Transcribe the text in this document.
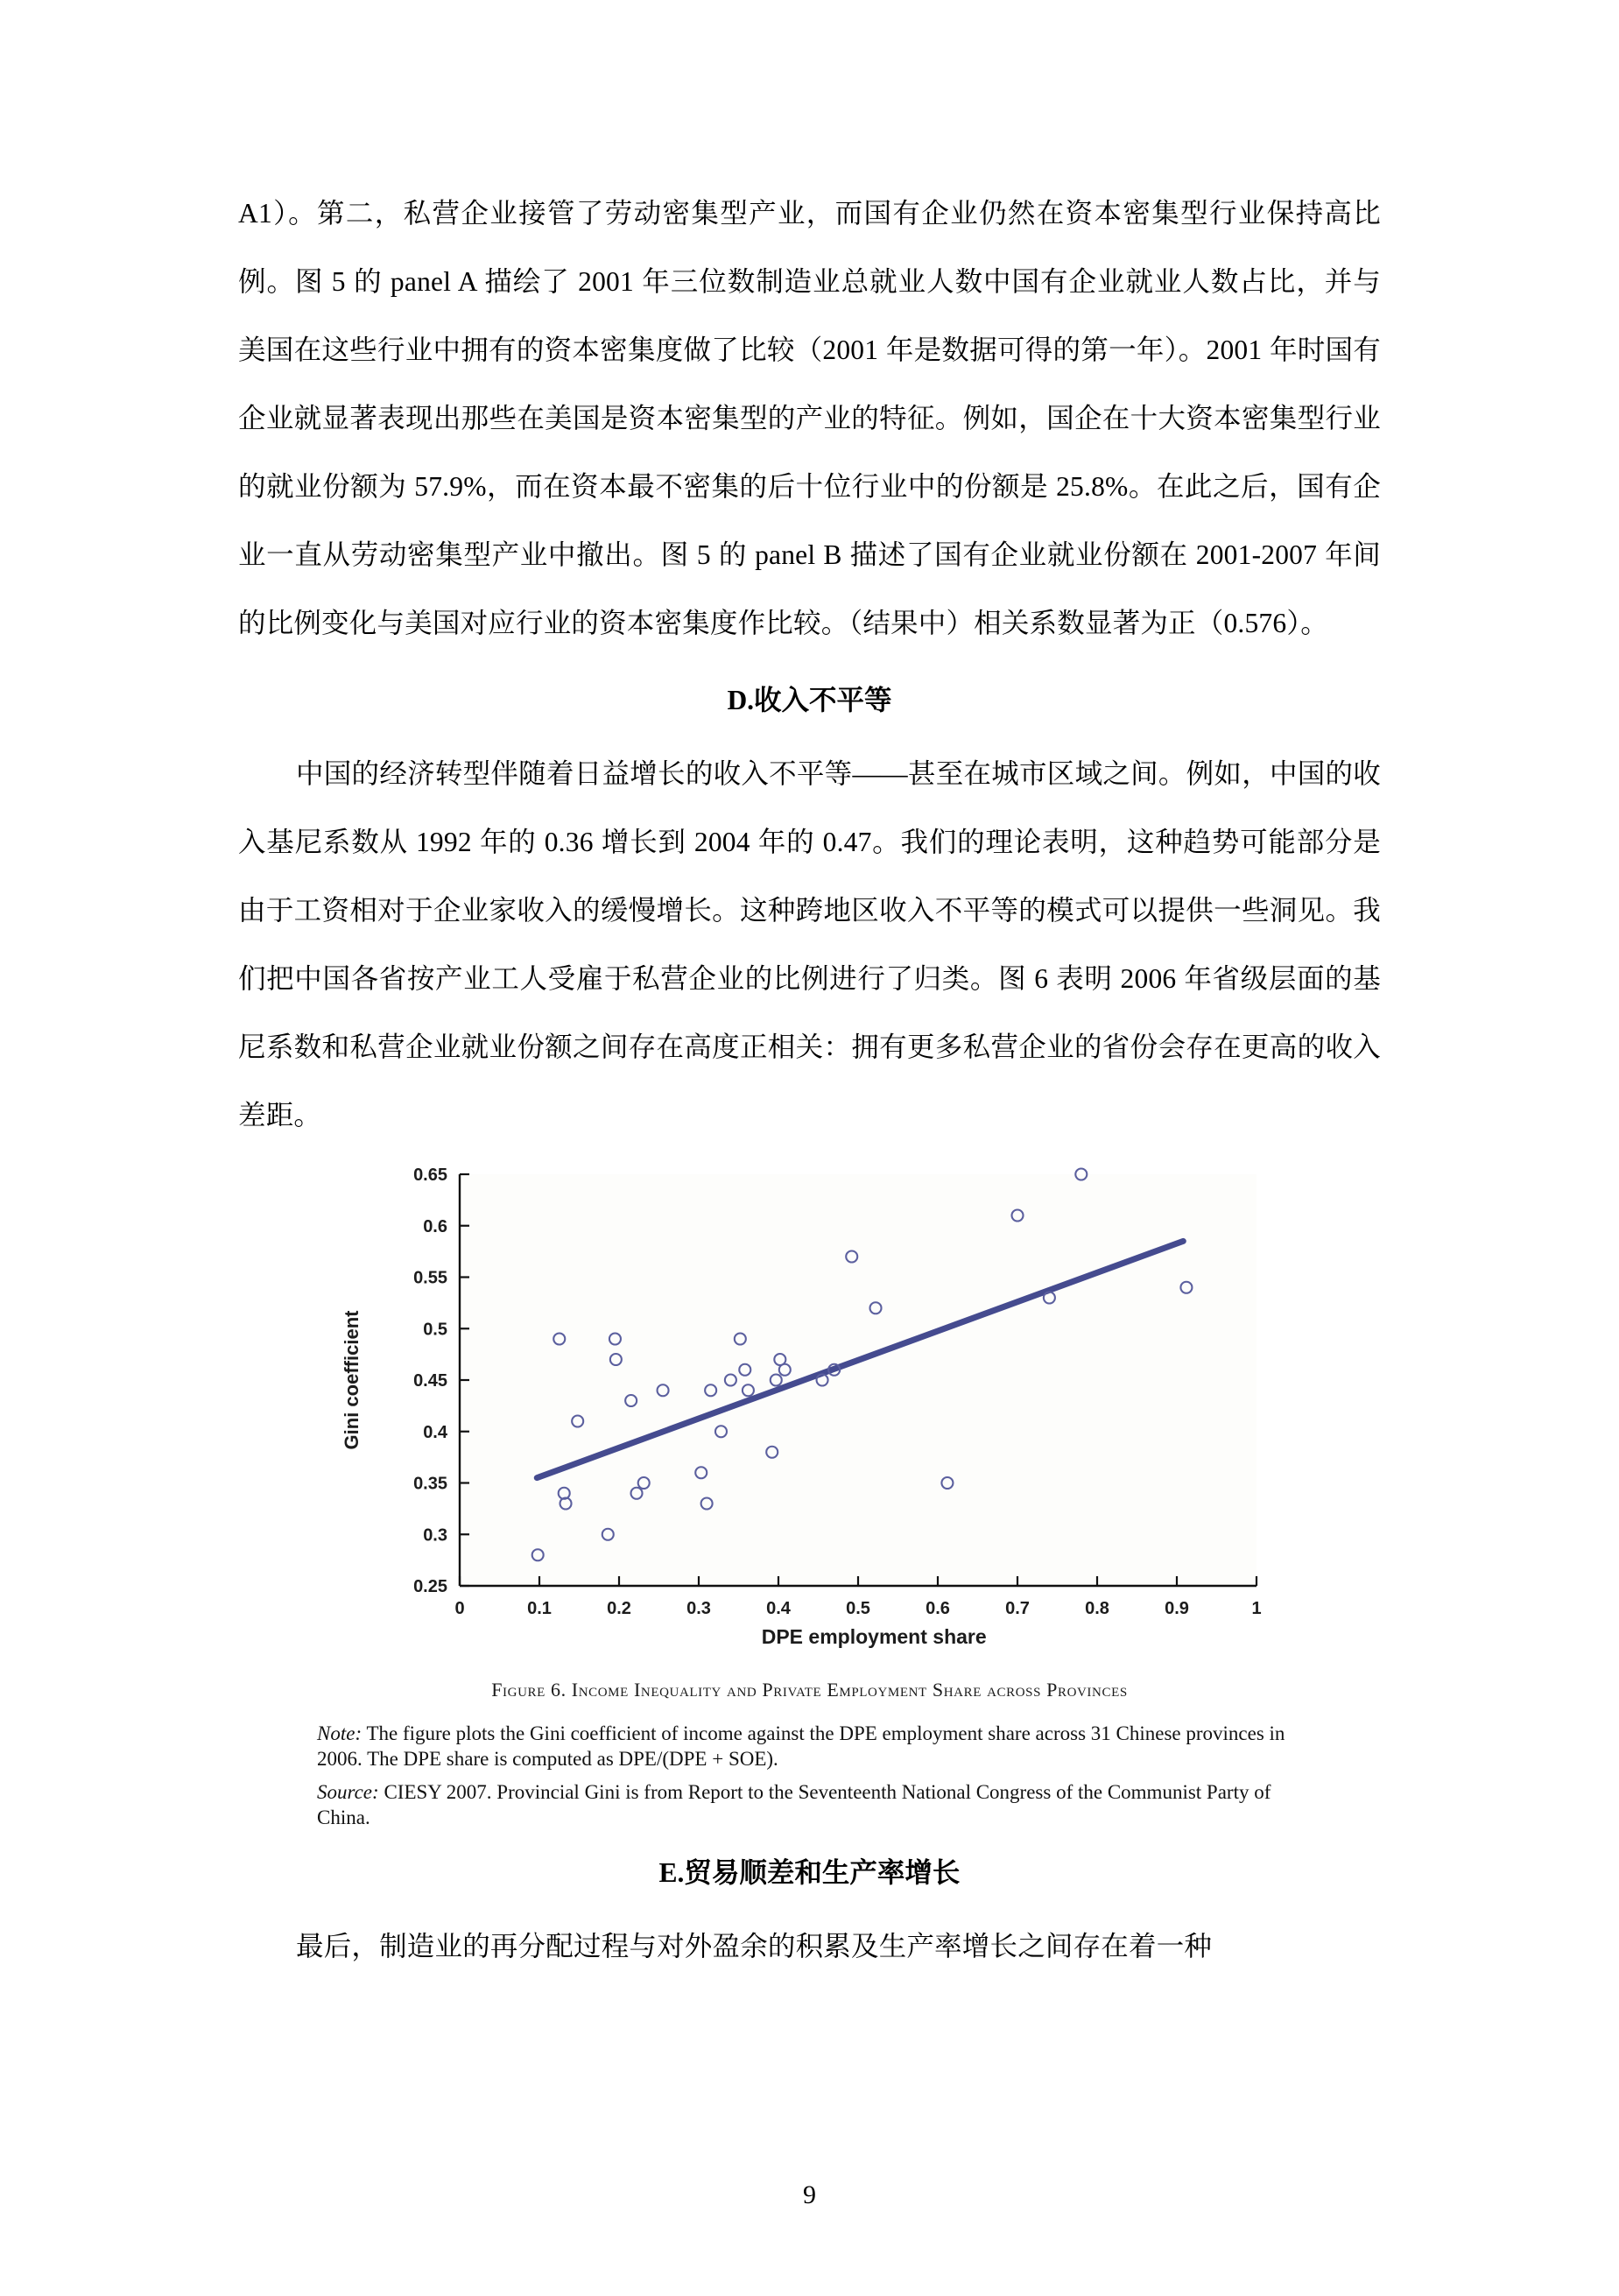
A1）。第二，私营企业接管了劳动密集型产业，而国有企业仍然在资本密集型行业保持高比例。图 5 的 panel A 描绘了 2001 年三位数制造业总就业人数中国有企业就业人数占比，并与美国在这些行业中拥有的资本密集度做了比较（2001 年是数据可得的第一年）。2001 年时国有企业就显著表现出那些在美国是资本密集型的产业的特征。例如，国企在十大资本密集型行业的就业份额为 57.9%，而在资本最不密集的后十位行业中的份额是 25.8%。在此之后，国有企业一直从劳动密集型产业中撤出。图 5 的 panel B 描述了国有企业就业份额在 2001-2007 年间的比例变化与美国对应行业的资本密集度作比较。（结果中）相关系数显著为正（0.576）。

D.收入不平等

中国的经济转型伴随着日益增长的收入不平等——甚至在城市区域之间。例如，中国的收入基尼系数从 1992 年的 0.36 增长到 2004 年的 0.47。我们的理论表明，这种趋势可能部分是由于工资相对于企业家收入的缓慢增长。这种跨地区收入不平等的模式可以提供一些洞见。我们把中国各省按产业工人受雇于私营企业的比例进行了归类。图 6 表明 2006 年省级层面的基尼系数和私营企业就业份额之间存在高度正相关：拥有更多私营企业的省份会存在更高的收入差距。

0.25
0.3
0.35
0.4
0.45
0.5
0.55
0.6
0.65
0	0.1	0.2	0.3	0.4	0.5	0.6	0.7	0.8	0.9	1
DPE employment share
Gini coefficient
Figure 6. Income Inequality and Private Employment Share across Provinces

Note: The figure plots the Gini coefficient of income against the DPE employment share across 31 Chinese provinces in 2006. The DPE share is computed as DPE/(DPE + SOE).

Source: CIESY 2007. Provincial Gini is from Report to the Seventeenth National Congress of the Communist Party of China.

E.贸易顺差和生产率增长

最后，制造业的再分配过程与对外盈余的积累及生产率增长之间存在着一种

9
